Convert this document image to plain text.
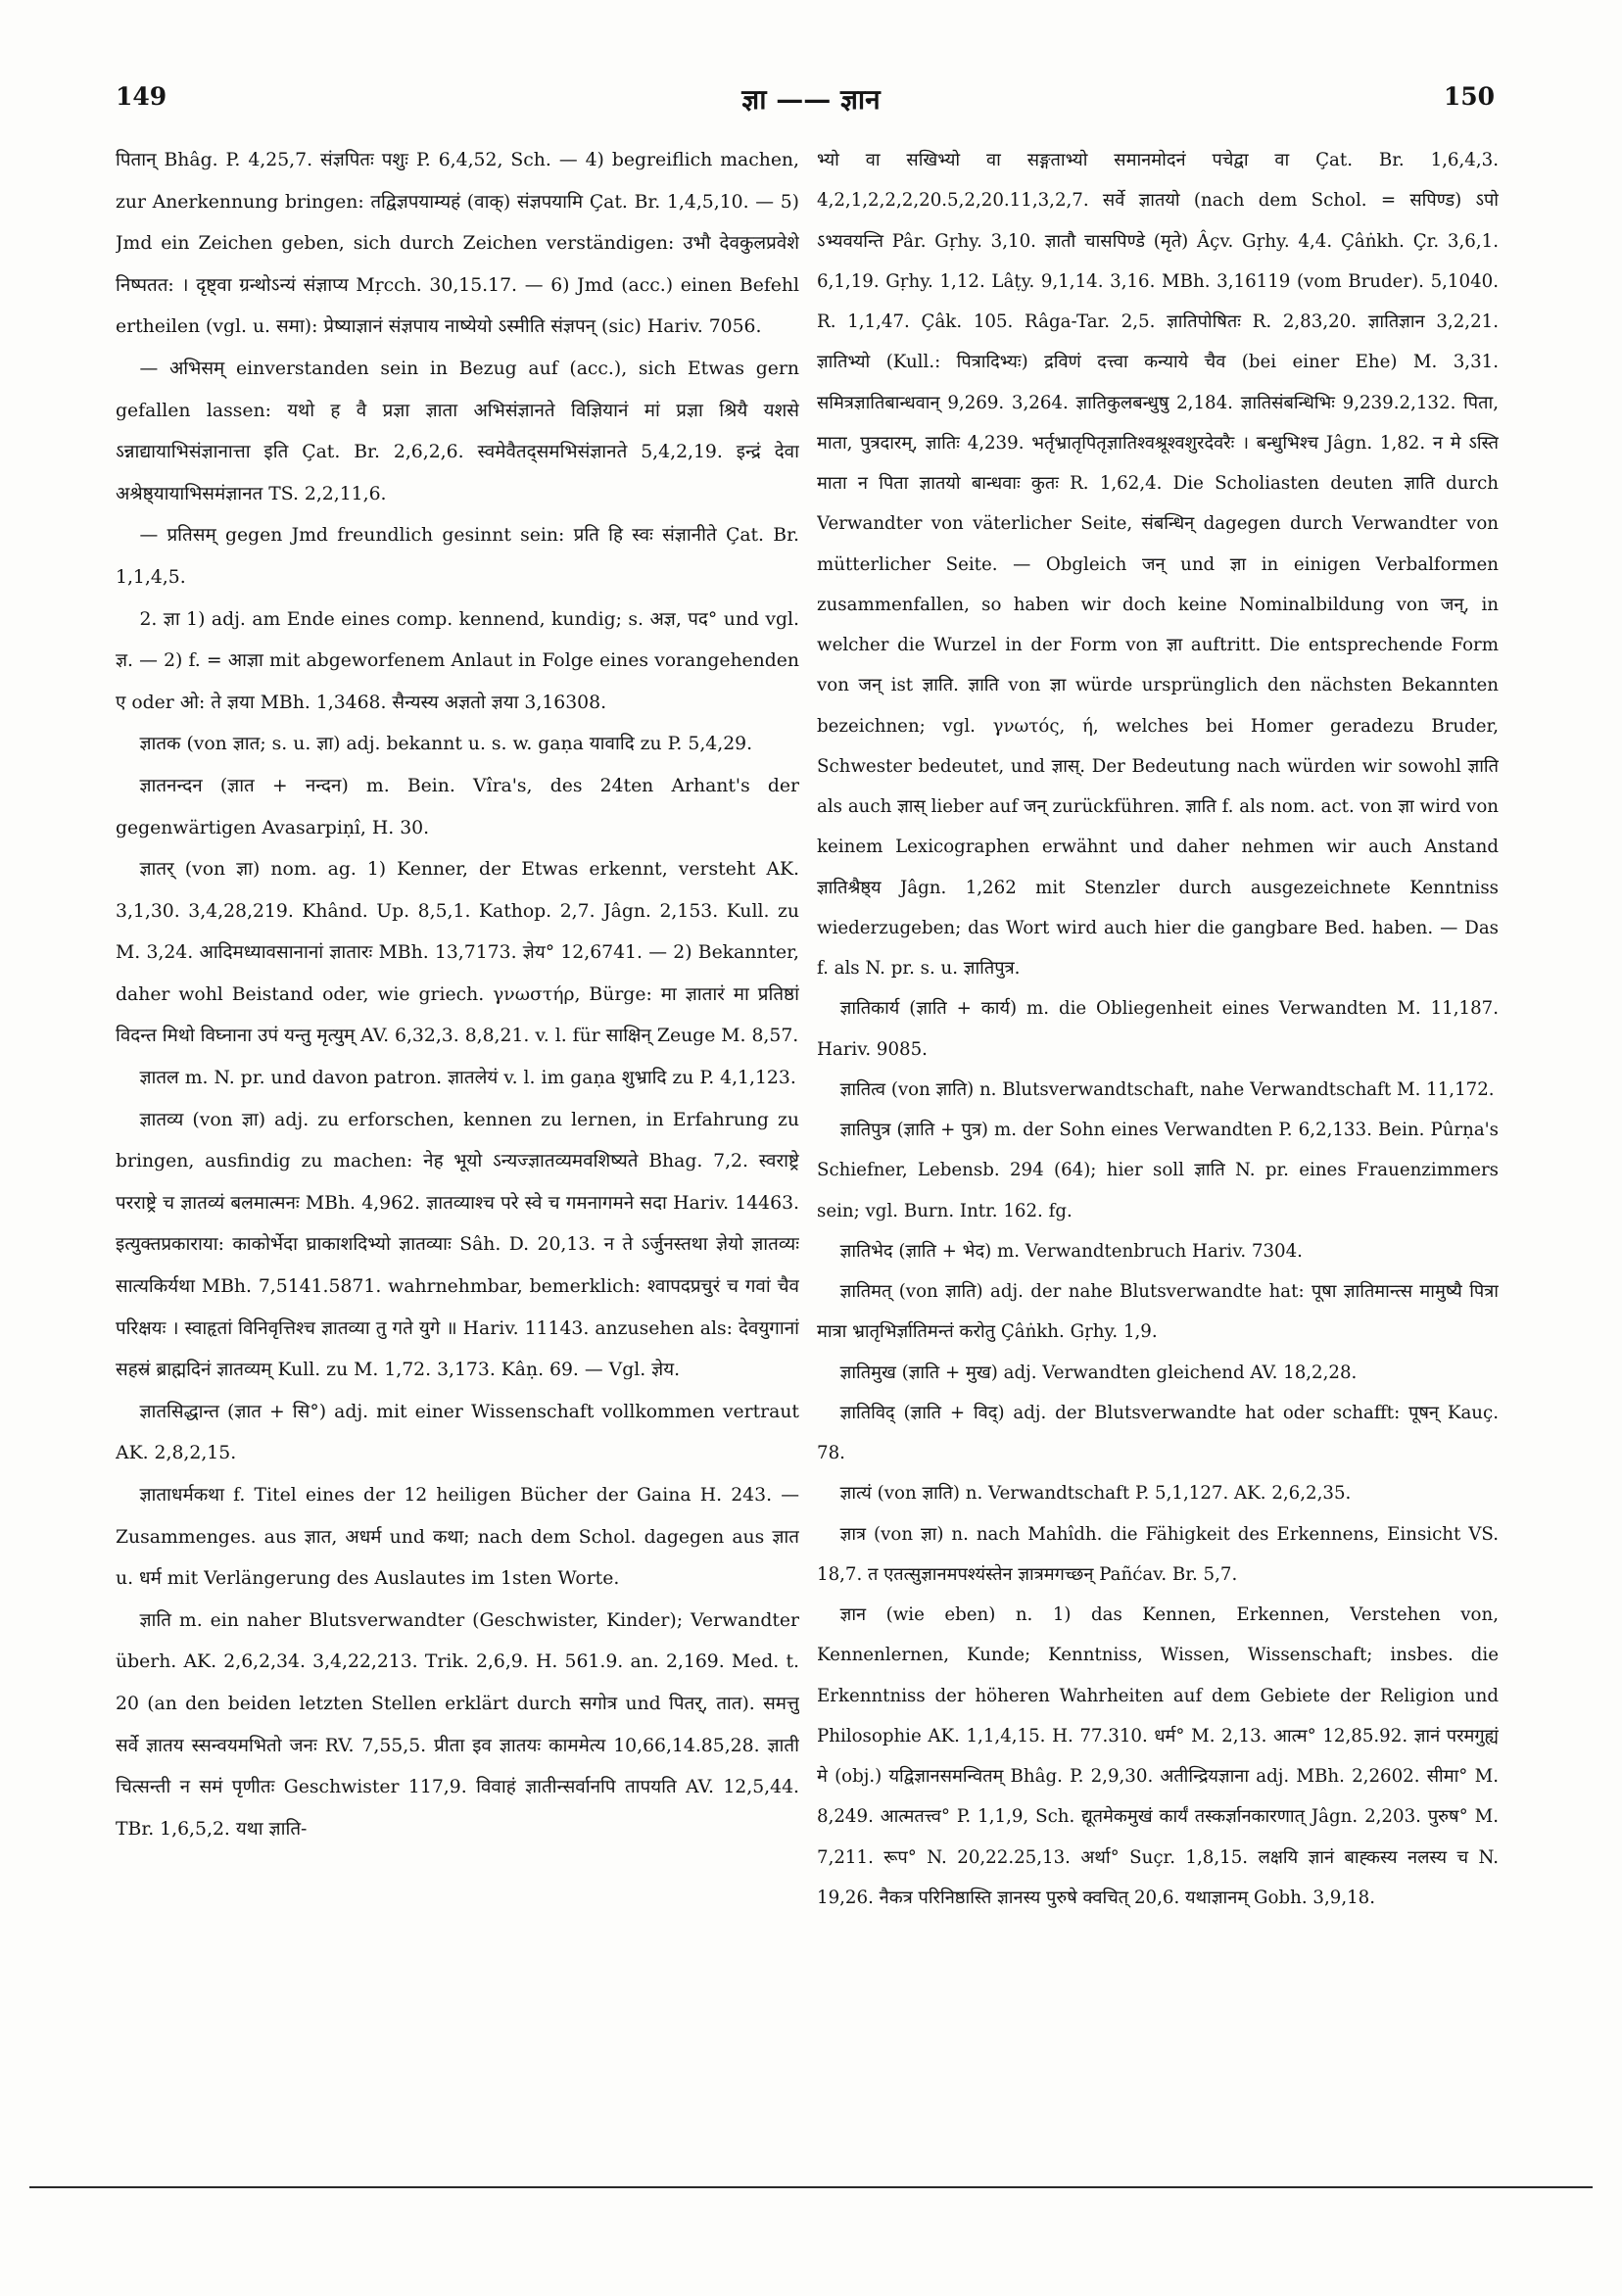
149	ज्ञा —— ज्ञान	150

पितान् Bhâg. P. 4,25,7. संज्ञपितः पशुः P. 6,4,52, Sch. — 4) begreiflich machen, zur Anerkennung bringen: तद्विज्ञपयाम्यहं (वाक्) संज्ञपयामि Çat. Br. 1,4,5,10. — 5) Jmd ein Zeichen geben, sich durch Zeichen verständigen: उभौ देवकुलप्रवेशे निष्पतत: । दृष्ट्वा ग्रन्थोऽन्यं संज्ञाप्य Mṛcch. 30,15.17. — 6) Jmd (acc.) einen Befehl ertheilen (vgl. u. समा): प्रेष्याज्ञानं संज्ञपाय नाष्येयो ऽस्मीति संज्ञपन् (sic) Hariv. 7056.

— अभिसम् einverstanden sein in Bezug auf (acc.), sich Etwas gern gefallen lassen: यथो ह वै प्रज्ञा ज्ञाता अभिसंज्ञानते विज्ञियानं मां प्रज्ञा श्रियै यशसे ऽन्नाद्यायाभिसंज्ञानात्ता इति Çat. Br. 2,6,2,6. स्वमेवैतद्समभिसंज्ञानते 5,4,2,19. इन्द्रं देवा अश्रेष्ठ्यायाभिसमंज्ञानत TS. 2,2,11,6.

— प्रतिसम् gegen Jmd freundlich gesinnt sein: प्रति हि स्वः संज्ञानीते Çat. Br. 1,1,4,5.

2. ज्ञा 1) adj. am Ende eines comp. kennend, kundig; s. अज्ञ, पद° und vgl. ज्ञ. — 2) f. = आज्ञा mit abgeworfenem Anlaut in Folge eines vorangehenden ए oder ओ: ते ज्ञया MBh. 1,3468. सैन्यस्य अज्ञतो ज्ञया 3,16308.

ज्ञातक (von ज्ञात; s. u. ज्ञा) adj. bekannt u. s. w. gaṇa यावादि zu P. 5,4,29.

ज्ञातनन्दन (ज्ञात + नन्दन) m. Bein. Vîra's, des 24ten Arhant's der gegenwärtigen Avasarpiṇî, H. 30.

ज्ञातर् (von ज्ञा) nom. ag. 1) Kenner, der Etwas erkennt, versteht AK. 3,1,30. 3,4,28,219. Khând. Up. 8,5,1. Kathop. 2,7. Jâgn. 2,153. Kull. zu M. 3,24. आदिमध्यावसानानां ज्ञातारः MBh. 13,7173. ज्ञेय° 12,6741. — 2) Bekannter, daher wohl Beistand oder, wie griech. γνωστήρ, Bürge: मा ज्ञातारं मा प्रतिष्ठां विदन्त मिथो विघ्नाना उपं यन्तु मृत्युम् AV. 6,32,3. 8,8,21. v. l. für साक्षिन् Zeuge M. 8,57.

ज्ञातल m. N. pr. und davon patron. ज्ञातलेयं v. l. im gaṇa शुभ्रादि zu P. 4,1,123.

ज्ञातव्य (von ज्ञा) adj. zu erforschen, kennen zu lernen, in Erfahrung zu bringen, ausfindig zu machen: नेह भूयो ऽन्यज्ज्ञातव्यमवशिष्यते Bhag. 7,2. स्वराष्ट्रे परराष्ट्रे च ज्ञातव्यं बलमात्मनः MBh. 4,962. ज्ञातव्याश्च परे स्वे च गमनागमने सदा Hariv. 14463. इत्युक्तप्रकाराया: काकोर्भेदा घ्राकाशदिभ्यो ज्ञातव्याः Sâh. D. 20,13. न ते ऽर्जुनस्तथा ज्ञेयो ज्ञातव्यः सात्यकिर्यथा MBh. 7,5141.5871. wahrnehmbar, bemerklich: श्वापदप्रचुरं च गवां चैव परिक्षयः । स्वाहृतां विनिवृत्तिश्च ज्ञातव्या तु गते युगे ॥ Hariv. 11143. anzusehen als: देवयुगानां सहस्रं ब्राह्मदिनं ज्ञातव्यम् Kull. zu M. 1,72. 3,173. Kâṇ. 69. — Vgl. ज्ञेय.

ज्ञातसिद्धान्त (ज्ञात + सि°) adj. mit einer Wissenschaft vollkommen vertraut AK. 2,8,2,15.

ज्ञाताधर्मकथा f. Titel eines der 12 heiligen Bücher der Gaina H. 243. — Zusammenges. aus ज्ञात, अधर्म und कथा; nach dem Schol. dagegen aus ज्ञात u. धर्म mit Verlängerung des Auslautes im 1sten Worte.

ज्ञाति m. ein naher Blutsverwandter (Geschwister, Kinder); Verwandter überh. AK. 2,6,2,34. 3,4,22,213. Trik. 2,6,9. H. 561.9. an. 2,169. Med. t. 20 (an den beiden letzten Stellen erklärt durch सगोत्र und पितर्, तात). समत्तु सर्वे ज्ञातय स्सन्वयमभितो जनः RV. 7,55,5. प्रीता इव ज्ञातयः काममेत्य 10,66,14.85,28. ज्ञाती चित्सन्ती न समं पृणीतः Geschwister 117,9. विवाहं ज्ञातीन्सर्वानपि तापयति AV. 12,5,44. TBr. 1,6,5,2. यथा ज्ञाति-

भ्यो वा सखिभ्यो वा सङ्गताभ्यो समानमोदनं पचेद्वा वा Çat. Br. 1,6,4,3. 4,2,1,2,2,2,20.5,2,20.11,3,2,7. सर्वे ज्ञातयो (nach dem Schol. = सपिण्ड) ऽपो ऽभ्यवयन्ति Pâr. Gṛhy. 3,10. ज्ञातौ चासपिण्डे (मृते) Âçv. Gṛhy. 4,4. Çâṅkh. Çr. 3,6,1. 6,1,19. Gṛhy. 1,12. Lâṭy. 9,1,14. 3,16. MBh. 3,16119 (vom Bruder). 5,1040. R. 1,1,47. Çâk. 105. Râga-Tar. 2,5. ज्ञातिपोषितः R. 2,83,20. ज्ञातिज्ञान 3,2,21. ज्ञातिभ्यो (Kull.: पित्रादिभ्यः) द्रविणं दत्त्वा कन्याये चैव (bei einer Ehe) M. 3,31. समित्रज्ञातिबान्धवान् 9,269. 3,264. ज्ञातिकुलबन्धुषु 2,184. ज्ञातिसंबन्धिभिः 9,239.2,132. पिता, माता, पुत्रदारम्, ज्ञातिः 4,239. भर्तृभ्रातृपितृज्ञातिश्वश्रूश्वशुरदेवरैः । बन्धुभिश्च Jâgn. 1,82. न मे ऽस्ति माता न पिता ज्ञातयो बान्धवाः कुतः R. 1,62,4. Die Scholiasten deuten ज्ञाति durch Verwandter von väterlicher Seite, संबन्धिन् dagegen durch Verwandter von mütterlicher Seite. — Obgleich जन् und ज्ञा in einigen Verbalformen zusammenfallen, so haben wir doch keine Nominalbildung von जन्, in welcher die Wurzel in der Form von ज्ञा auftritt. Die entsprechende Form von जन् ist ज्ञाति. ज्ञाति von ज्ञा würde ursprünglich den nächsten Bekannten bezeichnen; vgl. γνωτός, ή, welches bei Homer geradezu Bruder, Schwester bedeutet, und ज्ञास्. Der Bedeutung nach würden wir sowohl ज्ञाति als auch ज्ञास् lieber auf जन् zurückführen. ज्ञाति f. als nom. act. von ज्ञा wird von keinem Lexicographen erwähnt und daher nehmen wir auch Anstand ज्ञातिश्रैष्ठ्य Jâgn. 1,262 mit Stenzler durch ausgezeichnete Kenntniss wiederzugeben; das Wort wird auch hier die gangbare Bed. haben. — Das f. als N. pr. s. u. ज्ञातिपुत्र.

ज्ञातिकार्य (ज्ञाति + कार्य) m. die Obliegenheit eines Verwandten M. 11,187. Hariv. 9085.

ज्ञातित्व (von ज्ञाति) n. Blutsverwandtschaft, nahe Verwandtschaft M. 11,172.

ज्ञातिपुत्र (ज्ञाति + पुत्र) m. der Sohn eines Verwandten P. 6,2,133. Bein. Pûrṇa's Schiefner, Lebensb. 294 (64); hier soll ज्ञाति N. pr. eines Frauenzimmers sein; vgl. Burn. Intr. 162. fg.

ज्ञातिभेद (ज्ञाति + भेद) m. Verwandtenbruch Hariv. 7304.

ज्ञातिमत् (von ज्ञाति) adj. der nahe Blutsverwandte hat: पूषा ज्ञातिमान्त्स मामुष्यै पित्रा मात्रा भ्रातृभिर्ज्ञातिमन्तं करोतु Çâṅkh. Gṛhy. 1,9.

ज्ञातिमुख (ज्ञाति + मुख) adj. Verwandten gleichend AV. 18,2,28.

ज्ञातिविद् (ज्ञाति + विद्) adj. der Blutsverwandte hat oder schafft: पूषन् Kauç. 78.

ज्ञात्यं (von ज्ञाति) n. Verwandtschaft P. 5,1,127. AK. 2,6,2,35.

ज्ञात्र (von ज्ञा) n. nach Mahîdh. die Fähigkeit des Erkennens, Einsicht VS. 18,7. त एतत्सुज्ञानमपश्यंस्तेन ज्ञात्रमगच्छन् Pañćav. Br. 5,7.

ज्ञान (wie eben) n. 1) das Kennen, Erkennen, Verstehen von, Kennenlernen, Kunde; Kenntniss, Wissen, Wissenschaft; insbes. die Erkenntniss der höheren Wahrheiten auf dem Gebiete der Religion und Philosophie AK. 1,1,4,15. H. 77.310. धर्म° M. 2,13. आत्म° 12,85.92. ज्ञानं परमगुह्यं मे (obj.) यद्विज्ञानसमन्वितम् Bhâg. P. 2,9,30. अतीन्द्रियज्ञाना adj. MBh. 2,2602. सीमा° M. 8,249. आत्मतत्त्व° P. 1,1,9, Sch. द्यूतमेकमुखं कार्यं तस्कर्ज्ञानकारणात् Jâgn. 2,203. पुरुष° M. 7,211. रूप° N. 20,22.25,13. अर्था° Suçr. 1,8,15. लक्षयि ज्ञानं बाह्कस्य नलस्य च N. 19,26. नैकत्र परिनिष्ठास्ति ज्ञानस्य पुरुषे क्वचित् 20,6. यथाज्ञानम् Gobh. 3,9,18.
